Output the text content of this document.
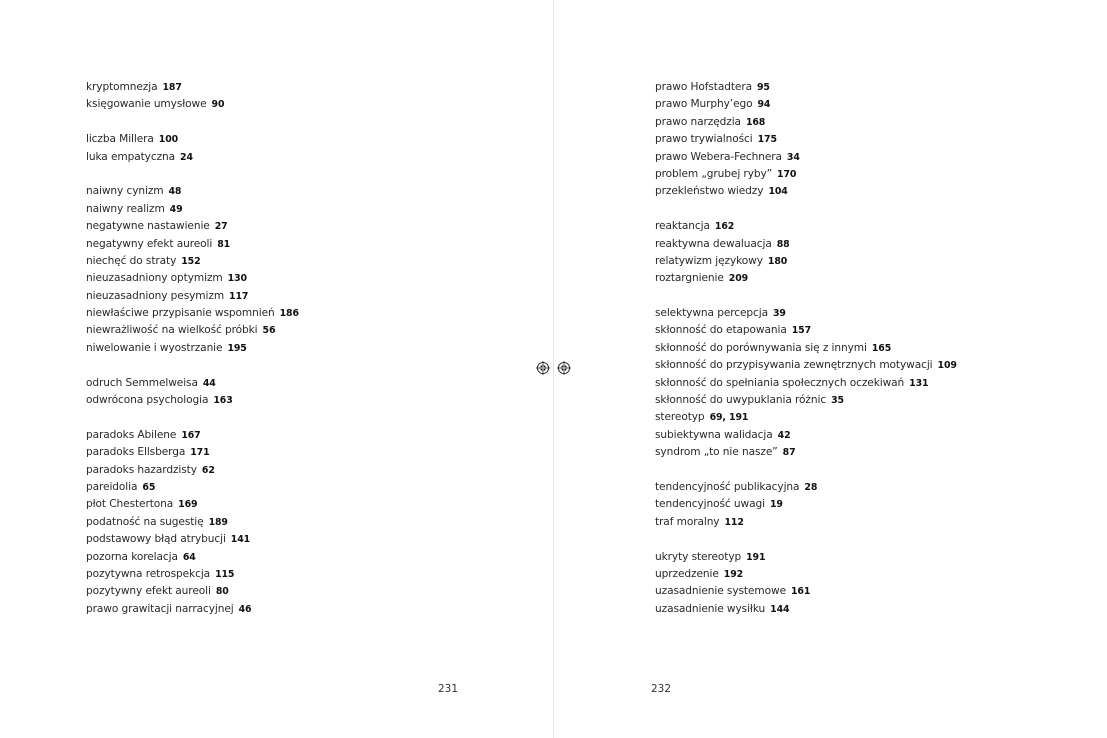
kryptomnezja 187
księgowanie umysłowe 90
liczba Millera 100
luka empatyczna 24
naiwny cynizm 48
naiwny realizm 49
negatywne nastawienie 27
negatywny efekt aureoli 81
niechęć do straty 152
nieuzasadniony optymizm 130
nieuzasadniony pesymizm 117
niewłaściwe przypisanie wspomnień 186
niewrażliwość na wielkość próbki 56
niwelowanie i wyostrzanie 195
odruch Semmelweisa 44
odwrócona psychologia 163
paradoks Abilene 167
paradoks Ellsberga 171
paradoks hazardzisty 62
pareidolia 65
płot Chestertona 169
podatność na sugestię 189
podstawowy błąd atrybucji 141
pozorna korelacja 64
pozytywna retrospekcja 115
pozytywny efekt aureoli 80
prawo grawitacji narracyjnej 46
231
prawo Hofstadtera 95
prawo Murphy’ego 94
prawo narzędzia 168
prawo trywialności 175
prawo Webera-Fechnera 34
problem „grubej ryby” 170
przekleństwo wiedzy 104
reaktancja 162
reaktywna dewaluacja 88
relatywizm językowy 180
roztargnienie 209
selektywna percepcja 39
skłonność do etapowania 157
skłonność do porównywania się z innymi 165
skłonność do przypisywania zewnętrznych motywacji 109
skłonność do spełniania społecznych oczekiwań 131
skłonność do uwypuklania różnic 35
stereotyp 69, 191
subiektywna walidacja 42
syndrom „to nie nasze” 87
tendencyjność publikacyjna 28
tendencyjność uwagi 19
traf moralny 112
ukryty stereotyp 191
uprzedzenie 192
uzasadnienie systemowe 161
uzasadnienie wysiłku 144
232
